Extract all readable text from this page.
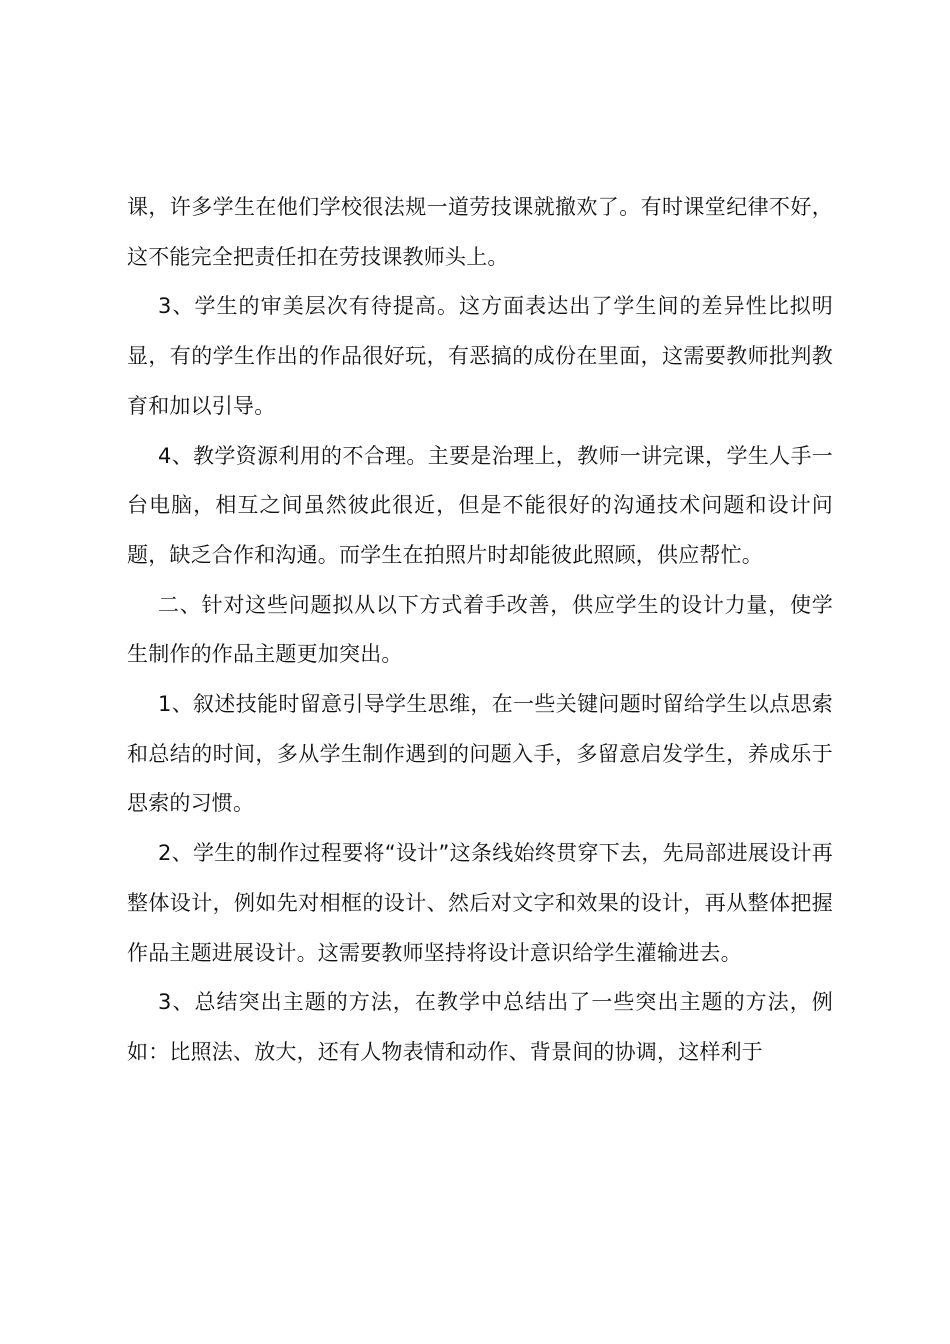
课，许多学生在他们学校很法规一道劳技课就撤欢了。有时课堂纪律不好，这不能完全把责任扣在劳技课教师头上。

3、学生的审美层次有待提高。这方面表达出了学生间的差异性比拟明显，有的学生作出的作品很好玩，有恶搞的成份在里面，这需要教师批判教育和加以引导。

4、教学资源利用的不合理。主要是治理上，教师一讲完课，学生人手一台电脑，相互之间虽然彼此很近，但是不能很好的沟通技术问题和设计问题，缺乏合作和沟通。而学生在拍照片时却能彼此照顾，供应帮忙。

二、针对这些问题拟从以下方式着手改善，供应学生的设计力量，使学生制作的作品主题更加突出。

1、叙述技能时留意引导学生思维，在一些关键问题时留给学生以点思索和总结的时间，多从学生制作遇到的问题入手，多留意启发学生，养成乐于思索的习惯。

2、学生的制作过程要将“设计”这条线始终贯穿下去，先局部进展设计再整体设计，例如先对相框的设计、然后对文字和效果的设计，再从整体把握作品主题进展设计。这需要教师坚持将设计意识给学生灌输进去。

3、总结突出主题的方法，在教学中总结出了一些突出主题的方法，例如：比照法、放大，还有人物表情和动作、背景间的协调，这样利于
